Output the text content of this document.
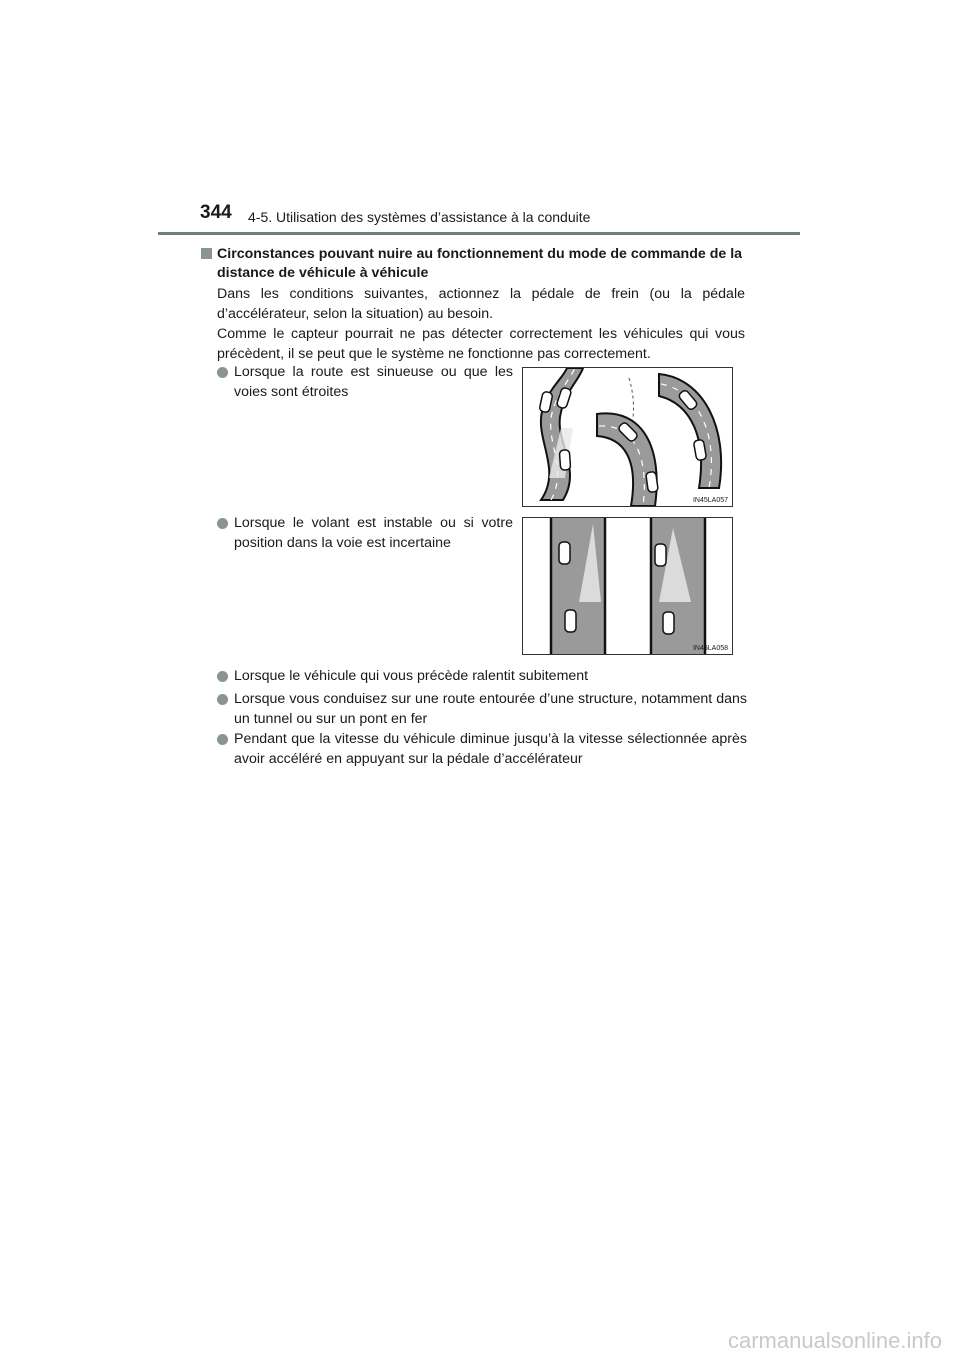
344 4-5. Utilisation des systèmes d’assistance à la conduite
Circonstances pouvant nuire au fonctionnement du mode de commande de la distance de véhicule à véhicule
Dans les conditions suivantes, actionnez la pédale de frein (ou la pédale d’accélérateur, selon la situation) au besoin.
Comme le capteur pourrait ne pas détecter correctement les véhicules qui vous précèdent, il se peut que le système ne fonctionne pas correctement.
Lorsque la route est sinueuse ou que les voies sont étroites
IN45LA057
Lorsque le volant est instable ou si votre position dans la voie est incertaine
IN45LA058
Lorsque le véhicule qui vous précède ralentit subitement
Lorsque vous conduisez sur une route entourée d’une structure, notamment dans un tunnel ou sur un pont en fer
Pendant que la vitesse du véhicule diminue jusqu’à la vitesse sélectionnée après avoir accéléré en appuyant sur la pédale d’accélérateur
carmanualsonline.info
